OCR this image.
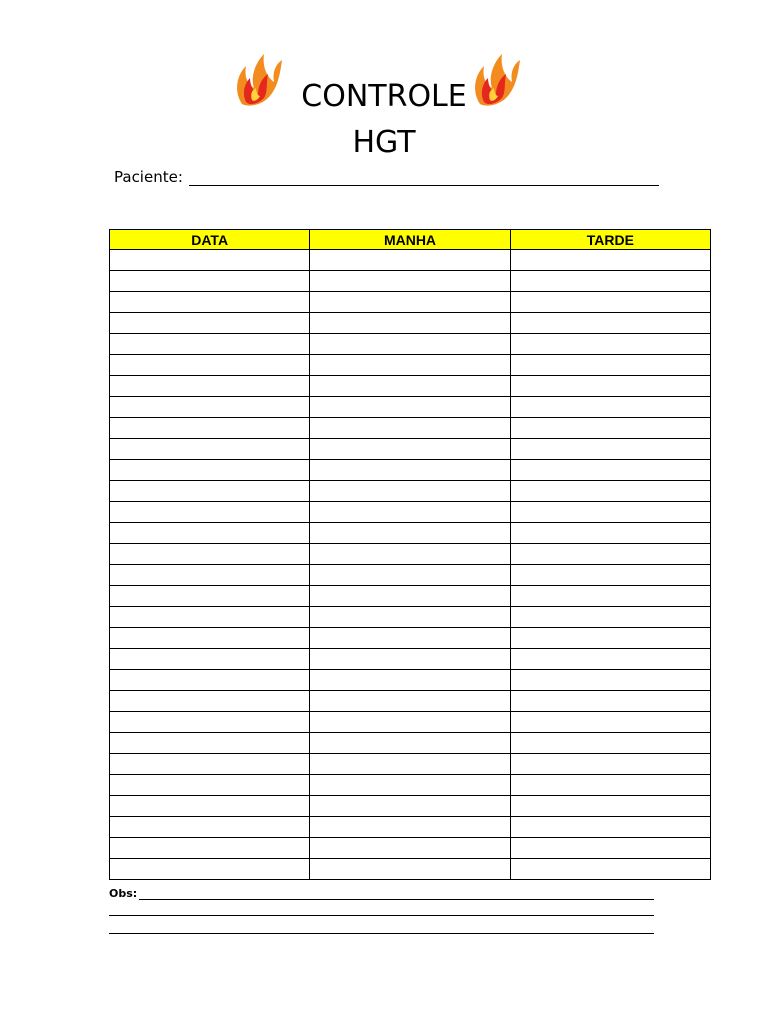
CONTROLE
HGT
Paciente:
DATA	MANHA	TARDE

Obs:
